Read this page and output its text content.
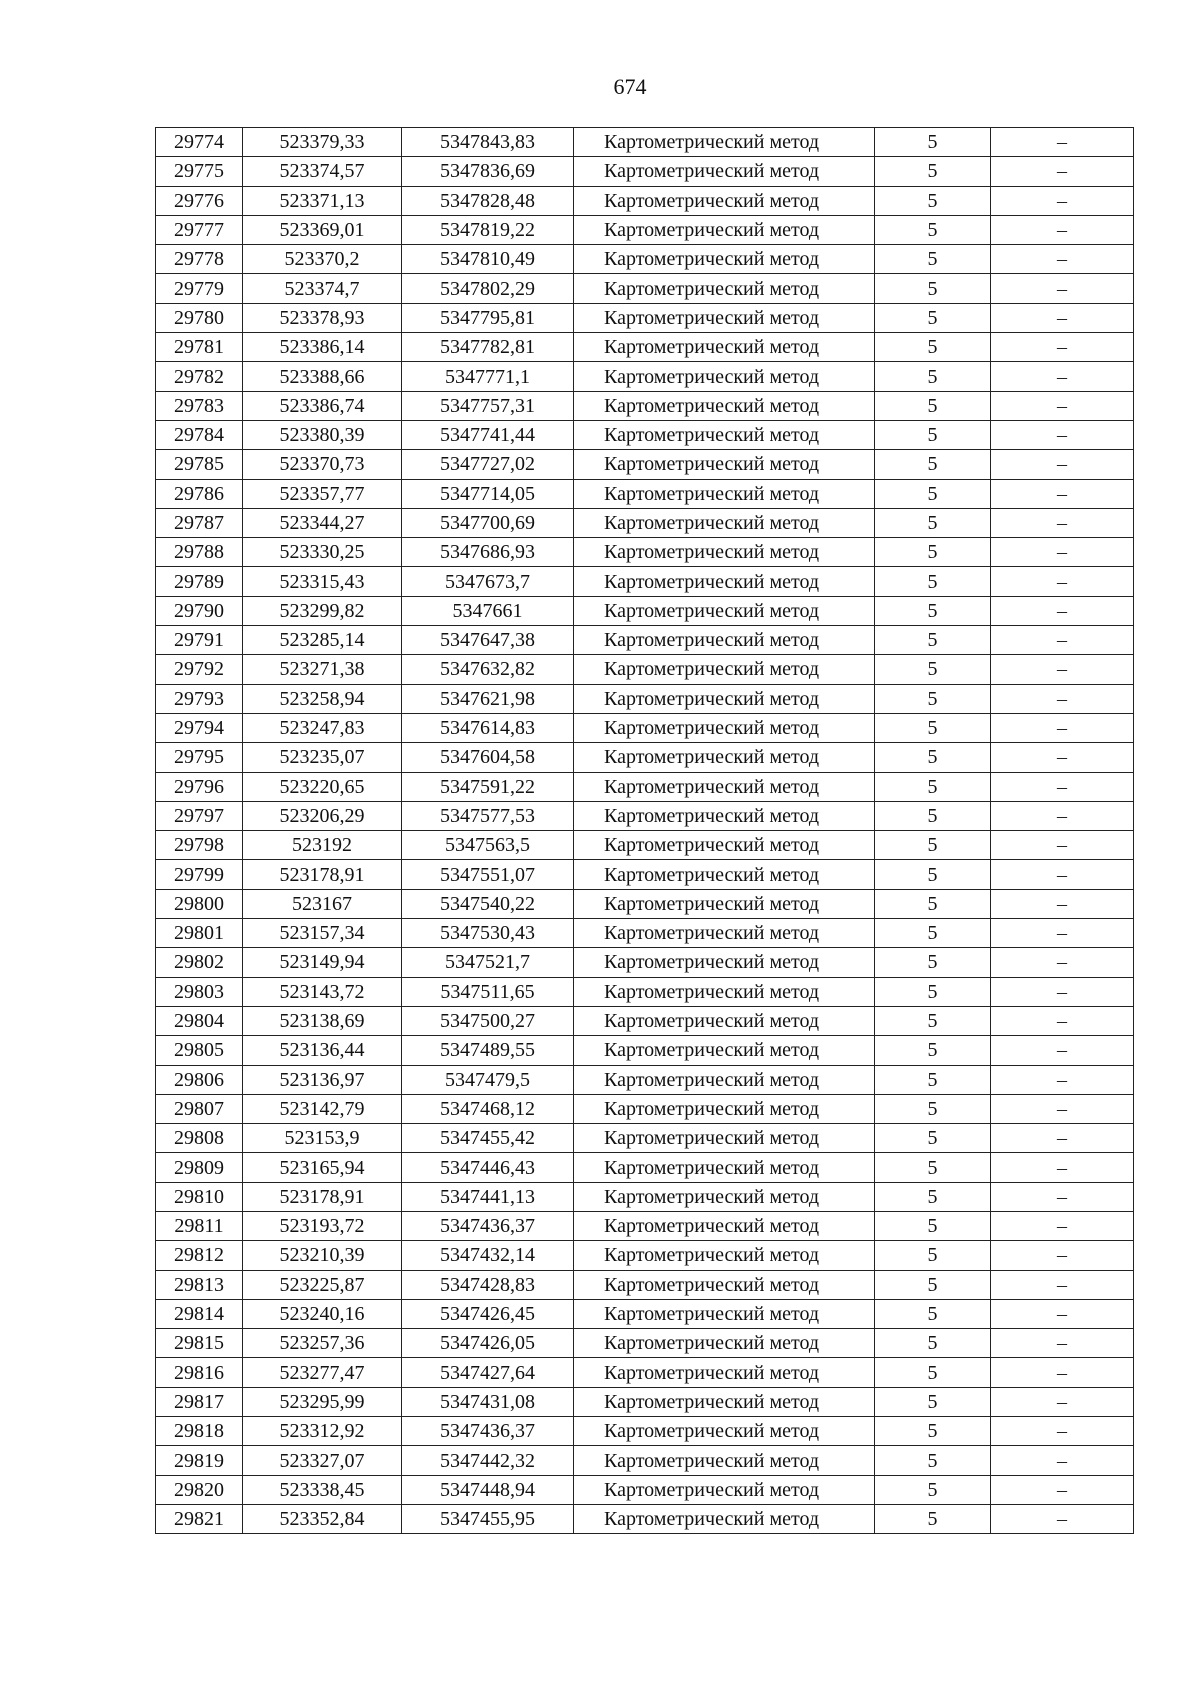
674
29774	523379,33	5347843,83	Картометрический метод	5	–
29775	523374,57	5347836,69	Картометрический метод	5	–
29776	523371,13	5347828,48	Картометрический метод	5	–
29777	523369,01	5347819,22	Картометрический метод	5	–
29778	523370,2	5347810,49	Картометрический метод	5	–
29779	523374,7	5347802,29	Картометрический метод	5	–
29780	523378,93	5347795,81	Картометрический метод	5	–
29781	523386,14	5347782,81	Картометрический метод	5	–
29782	523388,66	5347771,1	Картометрический метод	5	–
29783	523386,74	5347757,31	Картометрический метод	5	–
29784	523380,39	5347741,44	Картометрический метод	5	–
29785	523370,73	5347727,02	Картометрический метод	5	–
29786	523357,77	5347714,05	Картометрический метод	5	–
29787	523344,27	5347700,69	Картометрический метод	5	–
29788	523330,25	5347686,93	Картометрический метод	5	–
29789	523315,43	5347673,7	Картометрический метод	5	–
29790	523299,82	5347661	Картометрический метод	5	–
29791	523285,14	5347647,38	Картометрический метод	5	–
29792	523271,38	5347632,82	Картометрический метод	5	–
29793	523258,94	5347621,98	Картометрический метод	5	–
29794	523247,83	5347614,83	Картометрический метод	5	–
29795	523235,07	5347604,58	Картометрический метод	5	–
29796	523220,65	5347591,22	Картометрический метод	5	–
29797	523206,29	5347577,53	Картометрический метод	5	–
29798	523192	5347563,5	Картометрический метод	5	–
29799	523178,91	5347551,07	Картометрический метод	5	–
29800	523167	5347540,22	Картометрический метод	5	–
29801	523157,34	5347530,43	Картометрический метод	5	–
29802	523149,94	5347521,7	Картометрический метод	5	–
29803	523143,72	5347511,65	Картометрический метод	5	–
29804	523138,69	5347500,27	Картометрический метод	5	–
29805	523136,44	5347489,55	Картометрический метод	5	–
29806	523136,97	5347479,5	Картометрический метод	5	–
29807	523142,79	5347468,12	Картометрический метод	5	–
29808	523153,9	5347455,42	Картометрический метод	5	–
29809	523165,94	5347446,43	Картометрический метод	5	–
29810	523178,91	5347441,13	Картометрический метод	5	–
29811	523193,72	5347436,37	Картометрический метод	5	–
29812	523210,39	5347432,14	Картометрический метод	5	–
29813	523225,87	5347428,83	Картометрический метод	5	–
29814	523240,16	5347426,45	Картометрический метод	5	–
29815	523257,36	5347426,05	Картометрический метод	5	–
29816	523277,47	5347427,64	Картометрический метод	5	–
29817	523295,99	5347431,08	Картометрический метод	5	–
29818	523312,92	5347436,37	Картометрический метод	5	–
29819	523327,07	5347442,32	Картометрический метод	5	–
29820	523338,45	5347448,94	Картометрический метод	5	–
29821	523352,84	5347455,95	Картометрический метод	5	–
